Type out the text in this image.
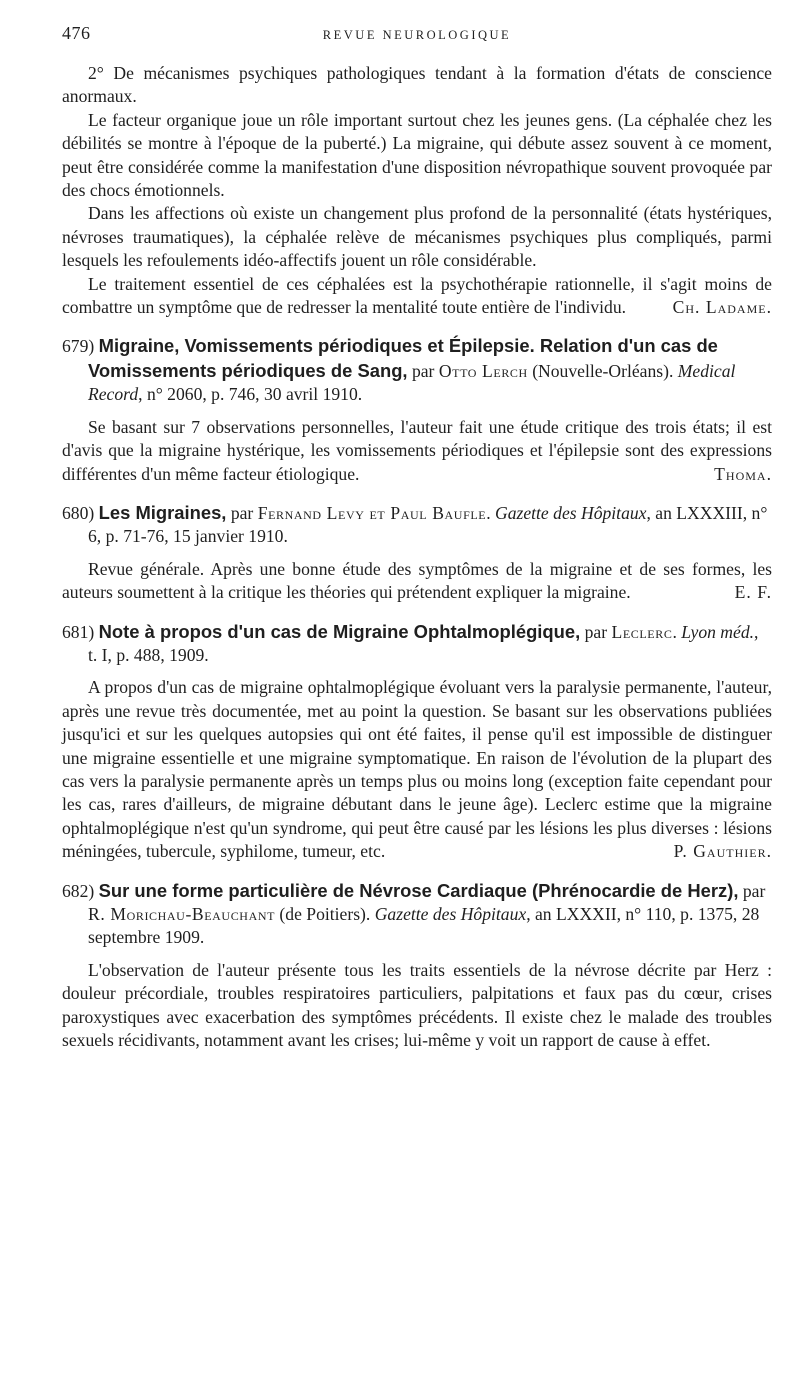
476	REVUE NEUROLOGIQUE

2° De mécanismes psychiques pathologiques tendant à la formation d'états de conscience anormaux.

Le facteur organique joue un rôle important surtout chez les jeunes gens. (La céphalée chez les débilités se montre à l'époque de la puberté.) La migraine, qui débute assez souvent à ce moment, peut être considérée comme la manifestation d'une disposition névropathique souvent provoquée par des chocs émotionnels.

Dans les affections où existe un changement plus profond de la personnalité (états hystériques, névroses traumatiques), la céphalée relève de mécanismes psychiques plus compliqués, parmi lesquels les refoulements idéo-affectifs jouent un rôle considérable.

Le traitement essentiel de ces céphalées est la psychothérapie rationnelle, il s'agit moins de combattre un symptôme que de redresser la mentalité toute entière de l'individu.	Ch. Ladame.

679) Migraine, Vomissements périodiques et Épilepsie. Relation d'un cas de Vomissements périodiques de Sang, par Otto Lerch (Nouvelle-Orléans). Medical Record, n° 2060, p. 746, 30 avril 1910.

Se basant sur 7 observations personnelles, l'auteur fait une étude critique des trois états; il est d'avis que la migraine hystérique, les vomissements périodiques et l'épilepsie sont des expressions différentes d'un même facteur étiologique.	Thoma.

680) Les Migraines, par Fernand Levy et Paul Baufle. Gazette des Hôpitaux, an LXXXIII, n° 6, p. 71-76, 15 janvier 1910.

Revue générale. Après une bonne étude des symptômes de la migraine et de ses formes, les auteurs soumettent à la critique les théories qui prétendent expliquer la migraine.	E. F.

681) Note à propos d'un cas de Migraine Ophtalmoplégique, par Leclerc. Lyon méd., t. I, p. 488, 1909.

A propos d'un cas de migraine ophtalmoplégique évoluant vers la paralysie permanente, l'auteur, après une revue très documentée, met au point la question. Se basant sur les observations publiées jusqu'ici et sur les quelques autopsies qui ont été faites, il pense qu'il est impossible de distinguer une migraine essentielle et une migraine symptomatique. En raison de l'évolution de la plupart des cas vers la paralysie permanente après un temps plus ou moins long (exception faite cependant pour les cas, rares d'ailleurs, de migraine débutant dans le jeune âge). Leclerc estime que la migraine ophtalmoplégique n'est qu'un syndrome, qui peut être causé par les lésions les plus diverses : lésions méningées, tubercule, syphilome, tumeur, etc.	P. Gauthier.

682) Sur une forme particulière de Névrose Cardiaque (Phrénocardie de Herz), par R. Morichau-Beauchant (de Poitiers). Gazette des Hôpitaux, an LXXXII, n° 110, p. 1375, 28 septembre 1909.

L'observation de l'auteur présente tous les traits essentiels de la névrose décrite par Herz : douleur précordiale, troubles respiratoires particuliers, palpitations et faux pas du cœur, crises paroxystiques avec exacerbation des symptômes précédents. Il existe chez le malade des troubles sexuels récidivants, notamment avant les crises; lui-même y voit un rapport de cause à effet.
